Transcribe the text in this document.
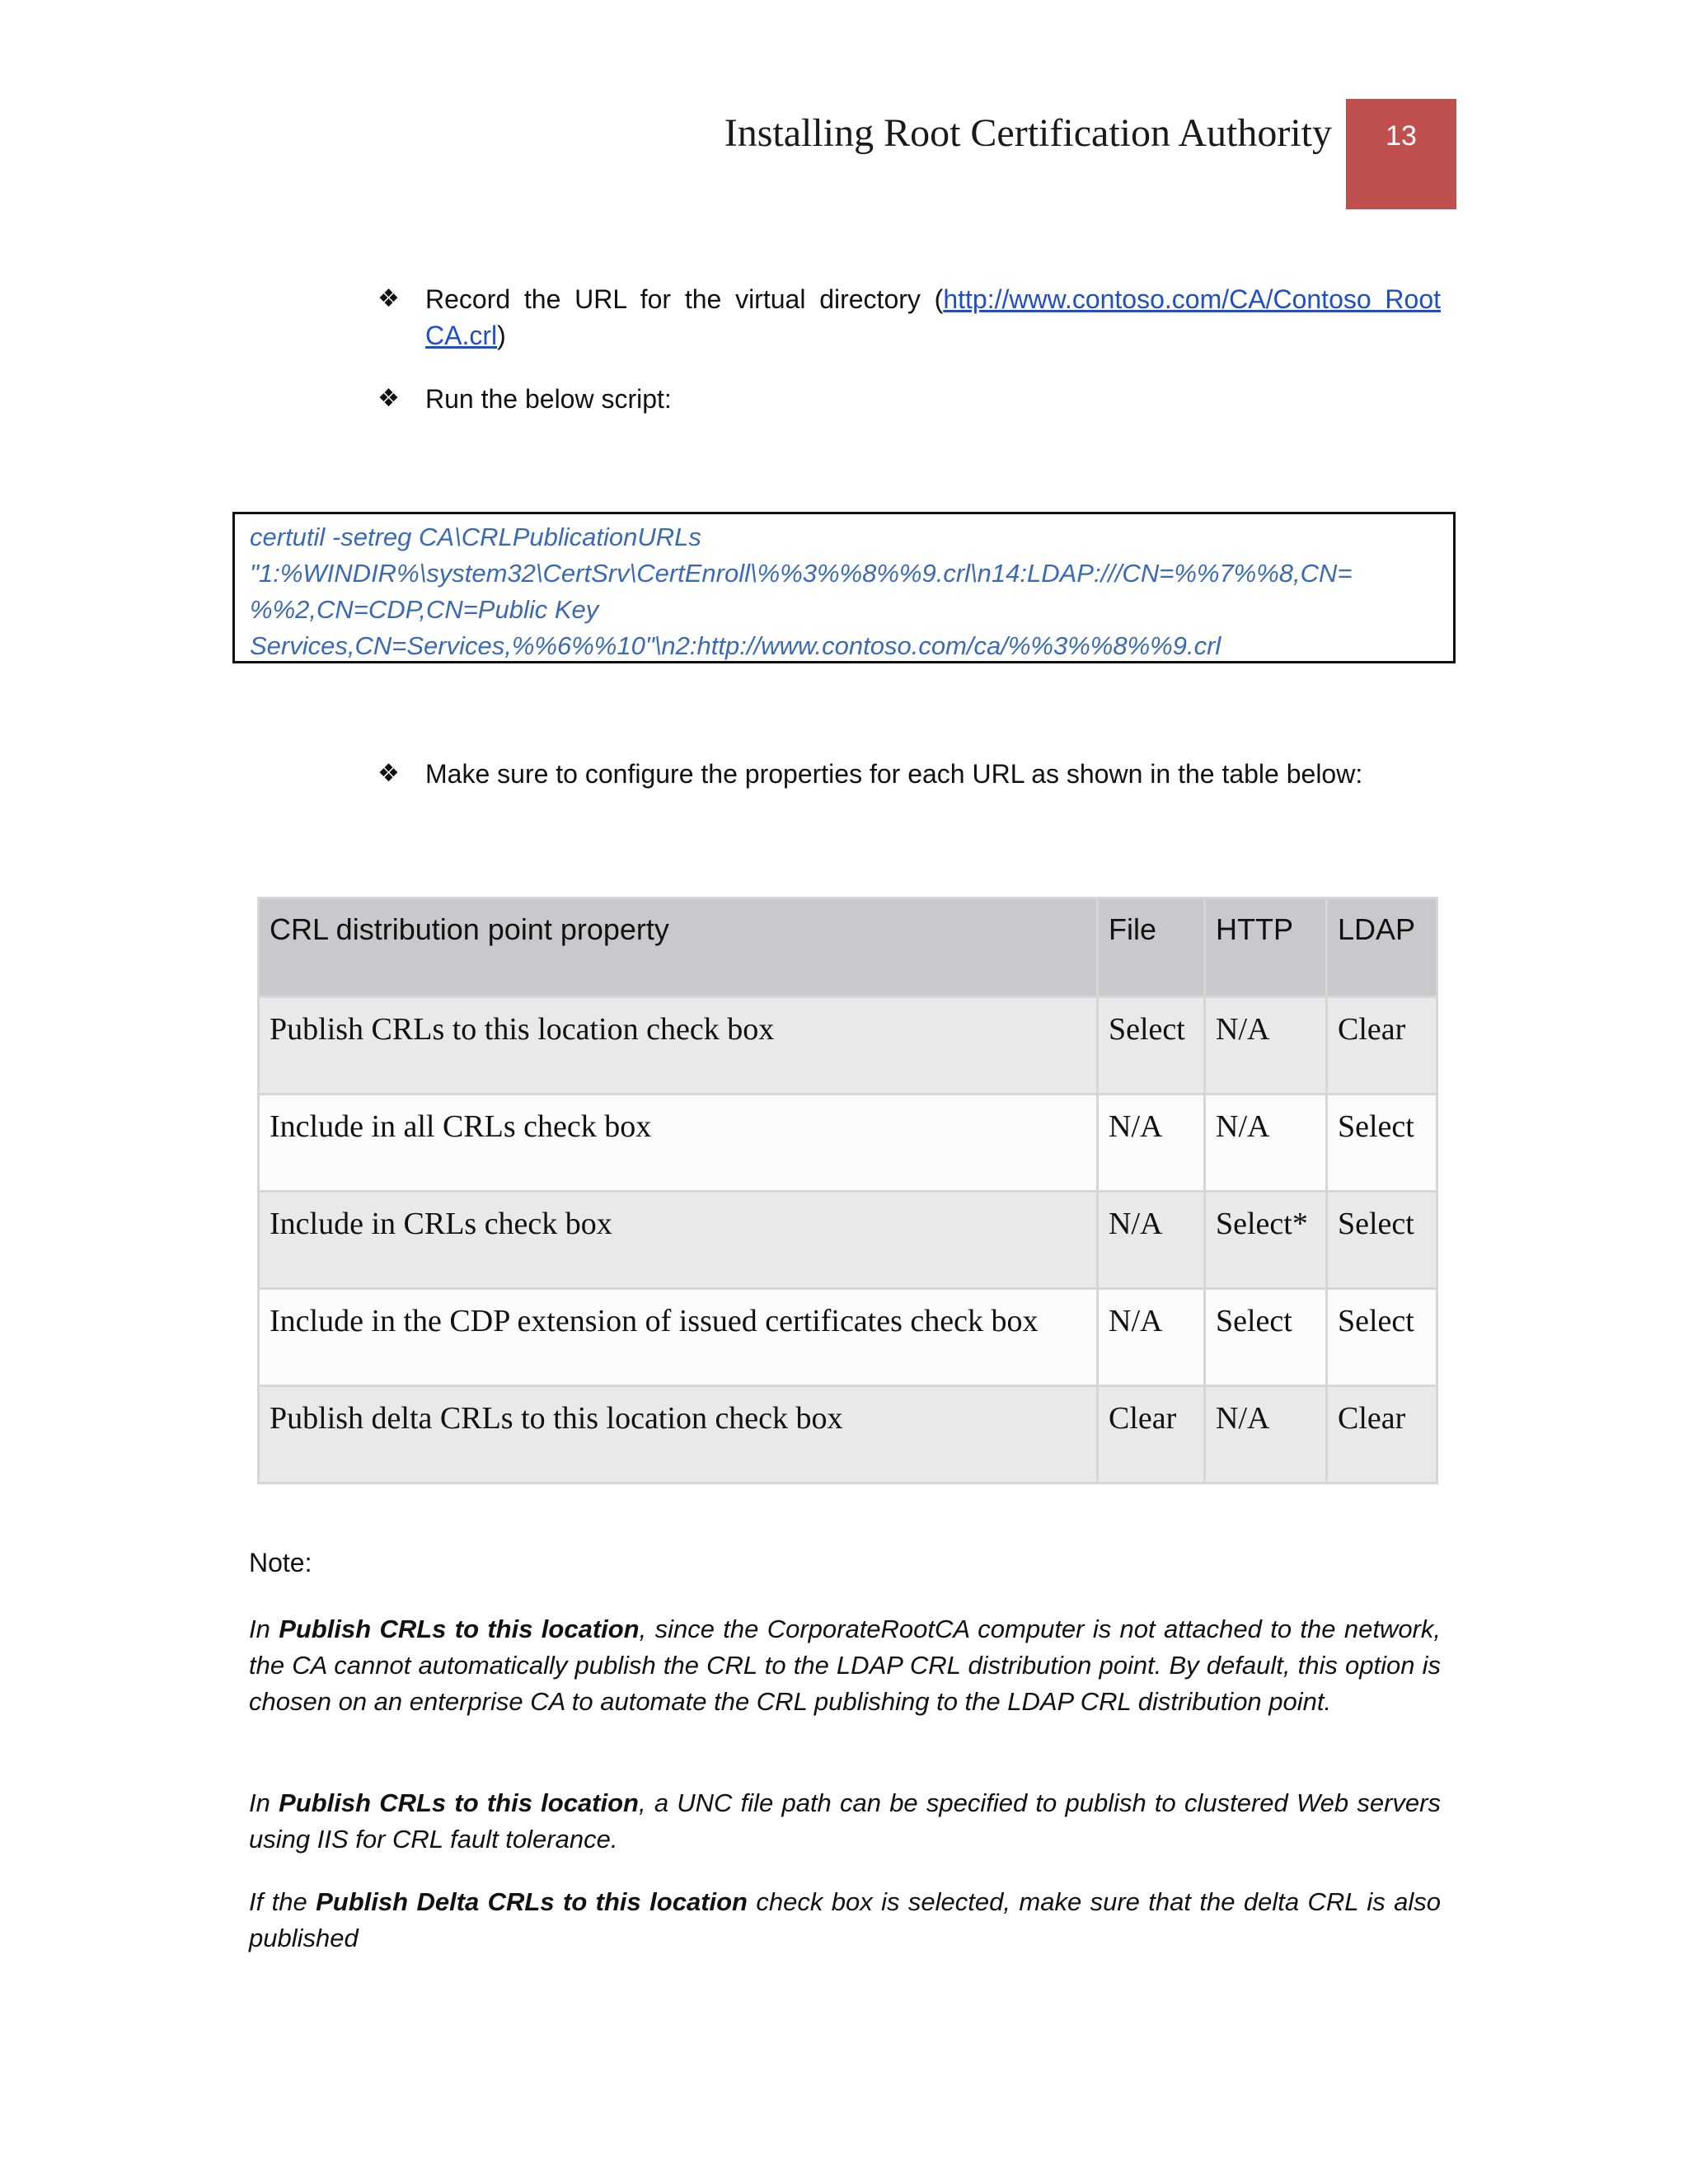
Installing Root Certification Authority	13
❖ Record the URL for the virtual directory (http://www.contoso.com/CA/Contoso Root CA.crl)
❖ Run the below script:
certutil -setreg CA\CRLPublicationURLs
"1:%WINDIR%\system32\CertSrv\CertEnroll\%%3%%8%%9.crl\n14:LDAP:///CN=%%7%%8,CN=
%%2,CN=CDP,CN=Public Key
Services,CN=Services,%%6%%10"\n2:http://www.contoso.com/ca/%%3%%8%%9.crl
❖ Make sure to configure the properties for each URL as shown in the table below:
CRL distribution point property	File	HTTP	LDAP
Publish CRLs to this location check box	Select	N/A	Clear
Include in all CRLs check box	N/A	N/A	Select
Include in CRLs check box	N/A	Select*	Select
Include in the CDP extension of issued certificates check box	N/A	Select	Select
Publish delta CRLs to this location check box	Clear	N/A	Clear
Note:
In Publish CRLs to this location, since the CorporateRootCA computer is not attached to the network, the CA cannot automatically publish the CRL to the LDAP CRL distribution point. By default, this option is chosen on an enterprise CA to automate the CRL publishing to the LDAP CRL distribution point.
In Publish CRLs to this location, a UNC file path can be specified to publish to clustered Web servers using IIS for CRL fault tolerance.
If the Publish Delta CRLs to this location check box is selected, make sure that the delta CRL is also published
